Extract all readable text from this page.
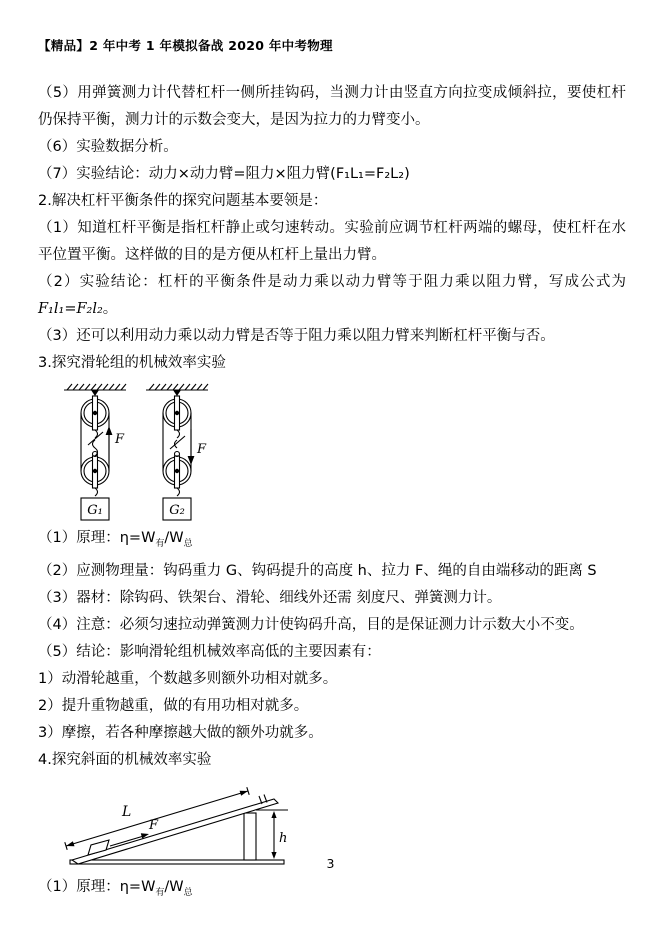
【精品】2 年中考 1 年模拟备战 2020 年中考物理

（5）用弹簧测力计代替杠杆一侧所挂钩码，当测力计由竖直方向拉变成倾斜拉，要使杠杆仍保持平衡，测力计的示数会变大，是因为拉力的力臂变小。

（6）实验数据分析。

（7）实验结论：动力×动力臂=阻力×阻力臂(F₁L₁=F₂L₂)

2.解决杠杆平衡条件的探究问题基本要领是：

（1）知道杠杆平衡是指杠杆静止或匀速转动。实验前应调节杠杆两端的螺母，使杠杆在水平位置平衡。这样做的目的是方便从杠杆上量出力臂。

（2）实验结论：杠杆的平衡条件是动力乘以动力臂等于阻力乘以阻力臂，写成公式为 F₁l₁=F₂l₂。

（3）还可以利用动力乘以动力臂是否等于阻力乘以阻力臂来判断杠杆平衡与否。

3.探究滑轮组的机械效率实验

F
G₁
F
G₂

（1）原理：$\eta=W_有/W_总$

（2）应测物理量：钩码重力 G、钩码提升的高度 h、拉力 F、绳的自由端移动的距离 S

（3）器材：除钩码、铁架台、滑轮、细线外还需 刻度尺、弹簧测力计。

（4）注意：必须匀速拉动弹簧测力计使钩码升高，目的是保证测力计示数大小不变。

（5）结论：影响滑轮组机械效率高低的主要因素有：

1）动滑轮越重，个数越多则额外功相对就多。

2）提升重物越重，做的有用功相对就多。

3）摩擦，若各种摩擦越大做的额外功就多。

4.探究斜面的机械效率实验

L
F
h

（1）原理：$\eta=W_有/W_总$

3
